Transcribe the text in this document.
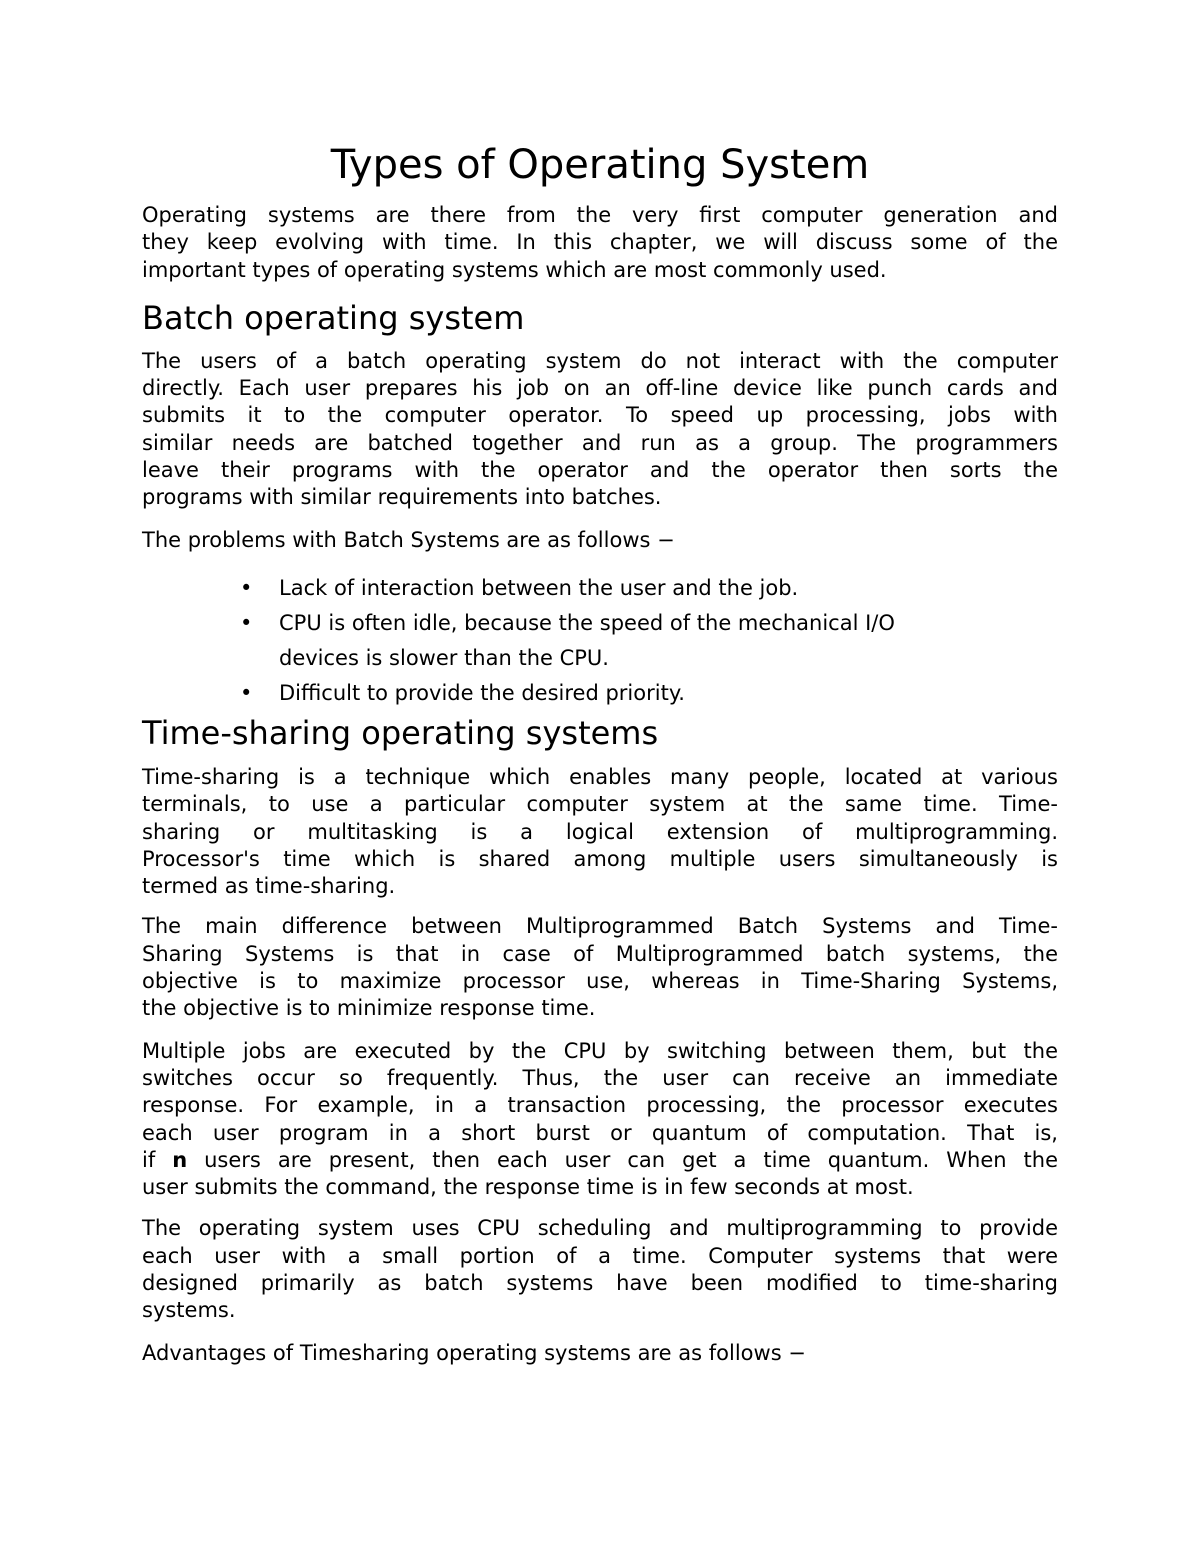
Types of Operating System
Operating systems are there from the very first computer generation and
they keep evolving with time. In this chapter, we will discuss some of the
important types of operating systems which are most commonly used.
Batch operating system
The users of a batch operating system do not interact with the computer
directly. Each user prepares his job on an off-line device like punch cards and
submits it to the computer operator. To speed up processing, jobs with
similar needs are batched together and run as a group. The programmers
leave their programs with the operator and the operator then sorts the
programs with similar requirements into batches.
The problems with Batch Systems are as follows −
• Lack of interaction between the user and the job.
• CPU is often idle, because the speed of the mechanical I/O
devices is slower than the CPU.
• Difficult to provide the desired priority.
Time-sharing operating systems
Time-sharing is a technique which enables many people, located at various
terminals, to use a particular computer system at the same time. Time-
sharing or multitasking is a logical extension of multiprogramming.
Processor's time which is shared among multiple users simultaneously is
termed as time-sharing.
The main difference between Multiprogrammed Batch Systems and Time-
Sharing Systems is that in case of Multiprogrammed batch systems, the
objective is to maximize processor use, whereas in Time-Sharing Systems,
the objective is to minimize response time.
Multiple jobs are executed by the CPU by switching between them, but the
switches occur so frequently. Thus, the user can receive an immediate
response. For example, in a transaction processing, the processor executes
each user program in a short burst or quantum of computation. That is,
if n users are present, then each user can get a time quantum. When the
user submits the command, the response time is in few seconds at most.
The operating system uses CPU scheduling and multiprogramming to provide
each user with a small portion of a time. Computer systems that were
designed primarily as batch systems have been modified to time-sharing
systems.
Advantages of Timesharing operating systems are as follows −
